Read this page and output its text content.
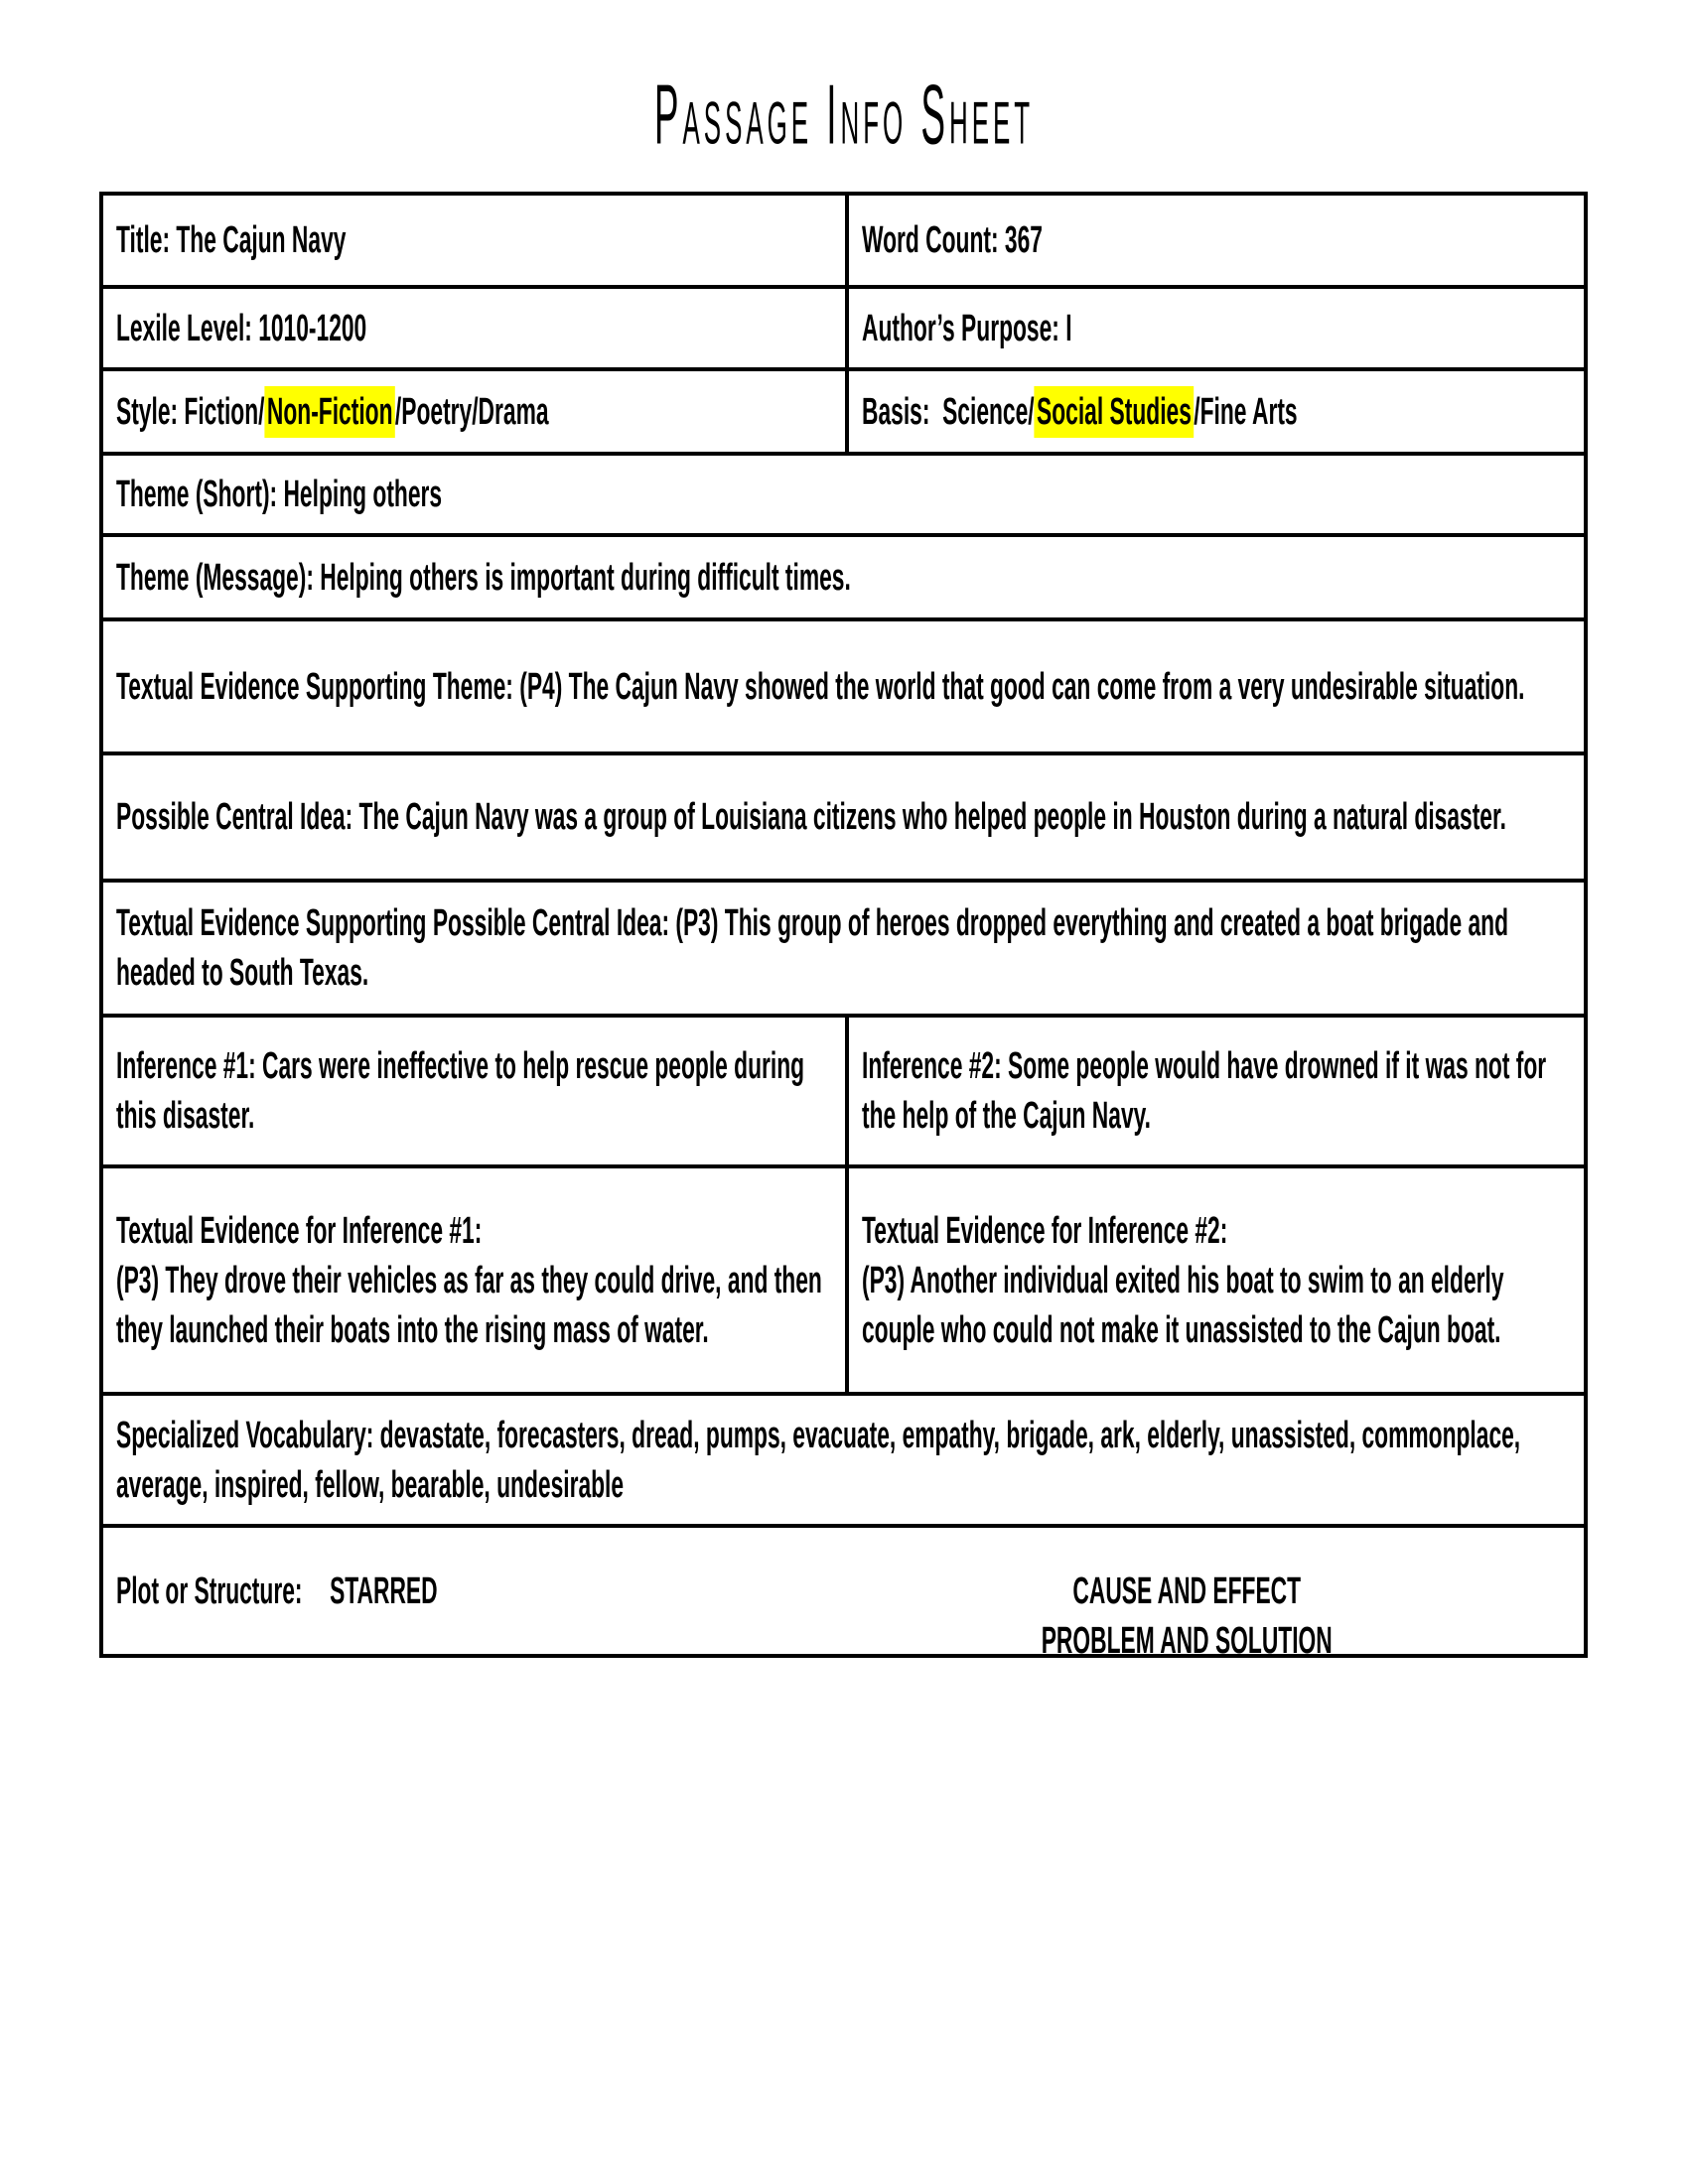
Passage Info Sheet
Title: The Cajun Navy	Word Count: 367
Lexile Level: 1010-1200	Author’s Purpose: I
Style: Fiction/Non-Fiction/Poetry/Drama	Basis:  Science/Social Studies/Fine Arts
Theme (Short): Helping others
Theme (Message): Helping others is important during difficult times.
Textual Evidence Supporting Theme: (P4) The Cajun Navy showed the world that good can come from a very undesirable situation.
Possible Central Idea: The Cajun Navy was a group of Louisiana citizens who helped people in Houston during a natural disaster.
Textual Evidence Supporting Possible Central Idea: (P3) This group of heroes dropped everything and created a boat brigade and headed to South Texas.
Inference #1: Cars were ineffective to help rescue people during this disaster.
Inference #2: Some people would have drowned if it was not for the help of the Cajun Navy.
Textual Evidence for Inference #1:
(P3) They drove their vehicles as far as they could drive, and then they launched their boats into the rising mass of water.
Textual Evidence for Inference #2:
(P3) Another individual exited his boat to swim to an elderly couple who could not make it unassisted to the Cajun boat.
Specialized Vocabulary: devastate, forecasters, dread, pumps, evacuate, empathy, brigade, ark, elderly, unassisted, commonplace, average, inspired, fellow, bearable, undesirable
Plot or Structure: STARRED	CAUSE AND EFFECT
PROBLEM AND SOLUTION
